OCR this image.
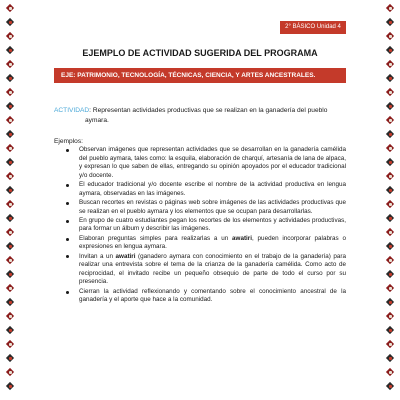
2° BÁSICO Unidad 4
EJEMPLO DE ACTIVIDAD SUGERIDA DEL PROGRAMA
EJE: PATRIMONIO, TECNOLOGÍA, TÉCNICAS, CIENCIA, Y ARTES ANCESTRALES.
ACTIVIDAD: Representan actividades productivas que se realizan en la ganadería del pueblo
aymara.
Ejemplos:
Observan imágenes que representan actividades que se desarrollan en la ganadería camélida del pueblo aymara, tales como: la esquila, elaboración de charquí, artesanía de lana de alpaca, y expresan lo que saben de ellas, entregando su opinión apoyados por el educador tradicional y/o docente.
El educador tradicional y/o docente escribe el nombre de la actividad productiva en lengua aymara, observadas en las imágenes.
Buscan recortes en revistas o páginas web sobre imágenes de las actividades productivas que se realizan en el pueblo aymara y los elementos que se ocupan para desarrollarlas.
En grupo de cuatro estudiantes pegan los recortes de los elementos y actividades productivas, para formar un álbum y describir las imágenes.
Elaboran preguntas simples para realizarlas a un awatiri, pueden incorporar palabras o expresiones en lengua aymara.
Invitan a un awatiri (ganadero aymara con conocimiento en el trabajo de la ganadería) para realizar una entrevista sobre el tema de la crianza de la ganadería camélida. Como acto de reciprocidad, el invitado recibe un pequeño obsequio de parte de todo el curso por su presencia.
Cierran la actividad reflexionando y comentando sobre el conocimiento ancestral de la ganadería y el aporte que hace a la comunidad.
